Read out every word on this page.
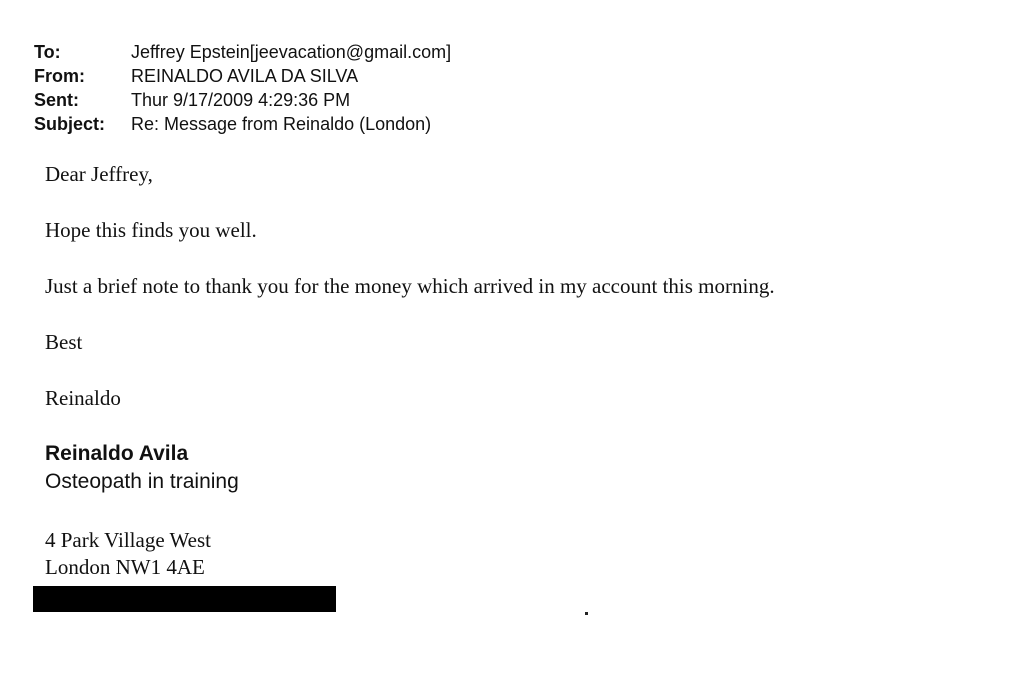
To:	Jeffrey Epstein[jeevacation@gmail.com]
From:	REINALDO AVILA DA SILVA
Sent:	Thur 9/17/2009 4:29:36 PM
Subject:	Re: Message from Reinaldo (London)
Dear Jeffrey,
Hope this finds you well.
Just a brief note to thank you for the money which arrived in my account this morning.
Best
Reinaldo
Reinaldo Avila
Osteopath in training
4 Park Village West
London NW1 4AE
